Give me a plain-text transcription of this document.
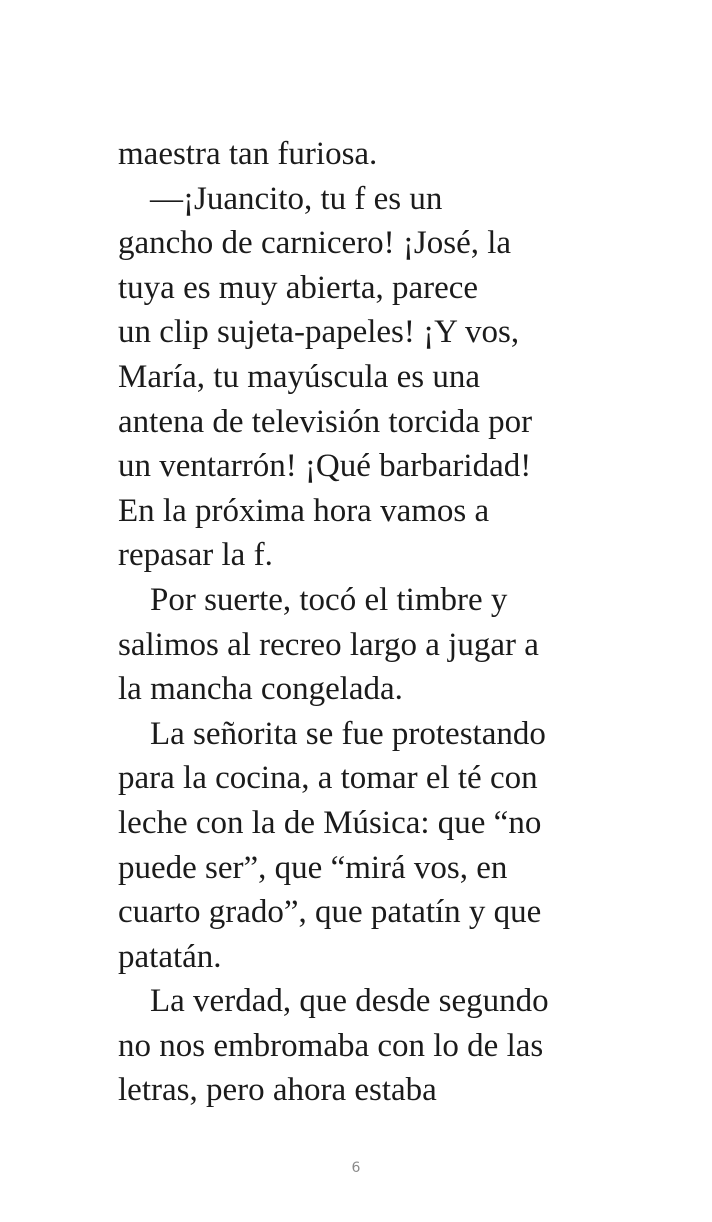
maestra tan furiosa.
—¡Juancito, tu f es un
gancho de carnicero! ¡José, la
tuya es muy abierta, parece
un clip sujeta-papeles! ¡Y vos,
María, tu mayúscula es una
antena de televisión torcida por
un ventarrón! ¡Qué barbaridad!
En la próxima hora vamos a
repasar la f.
Por suerte, tocó el timbre y
salimos al recreo largo a jugar a
la mancha congelada.
La señorita se fue protestando
para la cocina, a tomar el té con
leche con la de Música: que “no
puede ser”, que “mirá vos, en
cuarto grado”, que patatín y que
patatán.
La verdad, que desde segundo
no nos embromaba con lo de las
letras, pero ahora estaba
6
